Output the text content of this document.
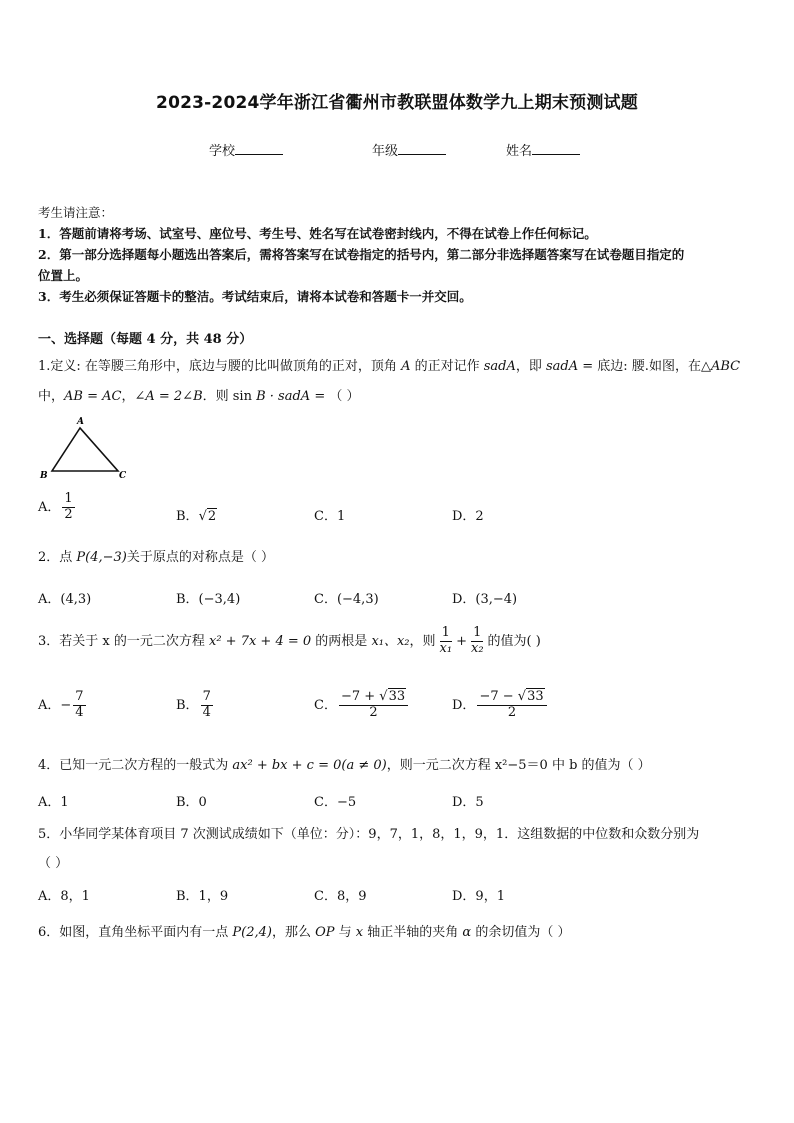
2023-2024学年浙江省衢州市教联盟体数学九上期末预测试题
学校	年级	姓名
考生请注意：
1．答题前请将考场、试室号、座位号、考生号、姓名写在试卷密封线内，不得在试卷上作任何标记。
2．第一部分选择题每小题选出答案后，需将答案写在试卷指定的括号内，第二部分非选择题答案写在试卷题目指定的
位置上。
3．考生必须保证答题卡的整洁。考试结束后，请将本试卷和答题卡一并交回。
一、选择题（每题 4 分，共 48 分）
1.定义: 在等腰三角形中，底边与腰的比叫做顶角的正对，顶角 A 的正对记作 sadA，即 sadA = 底边: 腰.如图，在△ABC
中，AB = AC，∠A = 2∠B．则 sin B · sadA = （ ）
A
B	C
A． $\frac{1}{2}$	B．√2	C．1	D．2
2．点 P(4,−3)关于原点的对称点是（ ）
A．(4,3)	B．(−3,4)	C．(−4,3)	D．(3,−4)
3．若关于 x 的一元二次方程 x² + 7x + 4 = 0 的两根是 x₁、x₂，则 $\frac{1}{\text{x₁}} + \frac{1}{\text{x₂}}$ 的值为( )
A．− $\frac{7}{4}$	B． $\frac{7}{4}$	C． $\frac{-7 + √33}{2}$	D． $\frac{-7 - √33}{2}$
4．已知一元二次方程的一般式为 ax² + bx + c = 0(a ≠ 0)，则一元二次方程 x²−5＝0 中 b 的值为（ ）
A．1	B．0	C．−5	D．5
5．小华同学某体育项目 7 次测试成绩如下（单位：分）：9，7，1，8，1，9，1．这组数据的中位数和众数分别为
（ ）
A．8，1	B．1，9	C．8，9	D．9，1
6．如图，直角坐标平面内有一点 P(2,4)，那么 OP 与 x 轴正半轴的夹角 α 的余切值为（ ）
